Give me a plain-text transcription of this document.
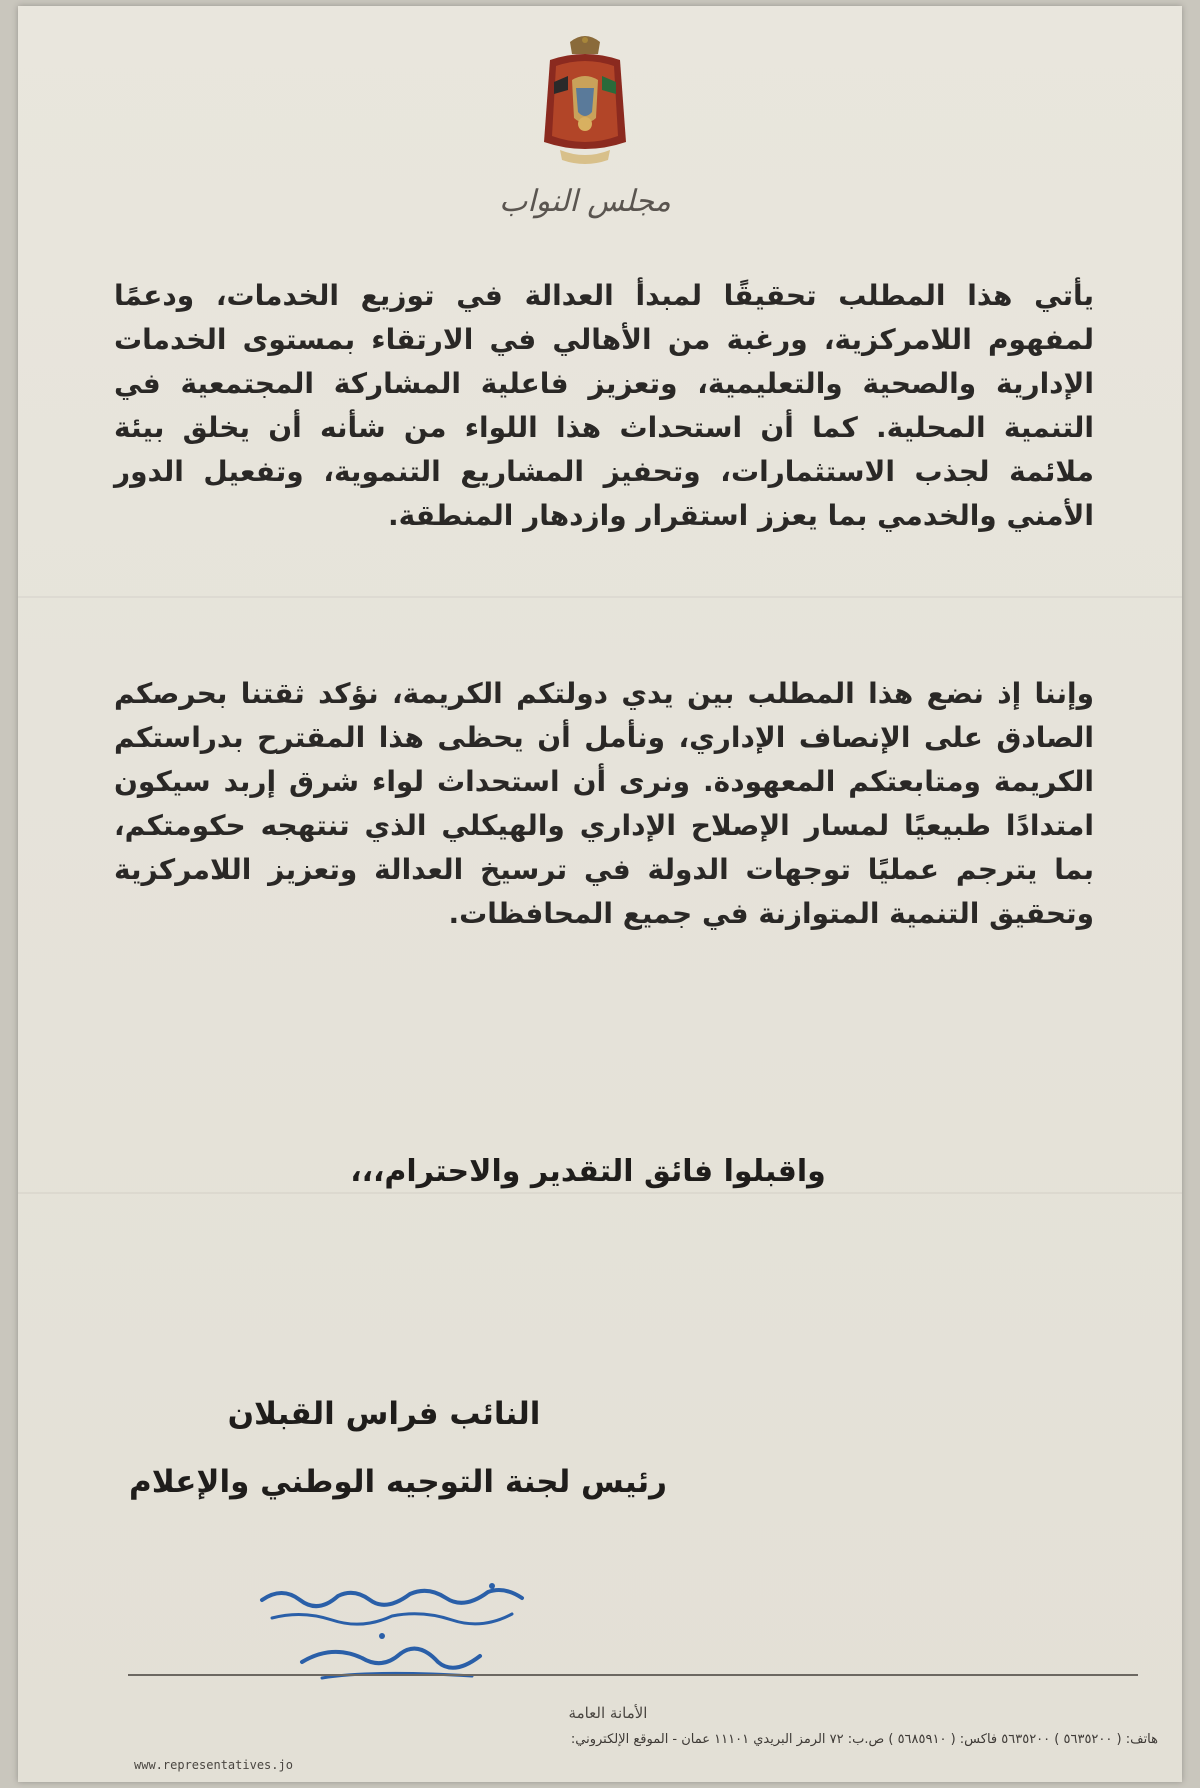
مجلس النواب
يأتي هذا المطلب تحقيقًا لمبدأ العدالة في توزيع الخدمات، ودعمًا لمفهوم اللامركزية، ورغبة من الأهالي في الارتقاء بمستوى الخدمات الإدارية والصحية والتعليمية، وتعزيز فاعلية المشاركة المجتمعية في التنمية المحلية. كما أن استحداث هذا اللواء من شأنه أن يخلق بيئة ملائمة لجذب الاستثمارات، وتحفيز المشاريع التنموية، وتفعيل الدور الأمني والخدمي بما يعزز استقرار وازدهار المنطقة.
وإننا إذ نضع هذا المطلب بين يدي دولتكم الكريمة، نؤكد ثقتنا بحرصكم الصادق على الإنصاف الإداري، ونأمل أن يحظى هذا المقترح بدراستكم الكريمة ومتابعتكم المعهودة. ونرى أن استحداث لواء شرق إربد سيكون امتدادًا طبيعيًا لمسار الإصلاح الإداري والهيكلي الذي تنتهجه حكومتكم، بما يترجم عمليًا توجهات الدولة في ترسيخ العدالة وتعزيز اللامركزية وتحقيق التنمية المتوازنة في جميع المحافظات.
واقبلوا فائق التقدير والاحترام،،،
النائب فراس القبلان
رئيس لجنة التوجيه الوطني والإعلام
الأمانة العامة
هاتف: ( ٥٦٣٥٢٠٠ ) ٥٦٣٥٢٠٠ فاكس: ( ٥٦٨٥٩١٠ ) ص.ب: ٧٢ الرمز البريدي ١١١٠١ عمان - الموقع الإلكتروني:
www.representatives.jo
